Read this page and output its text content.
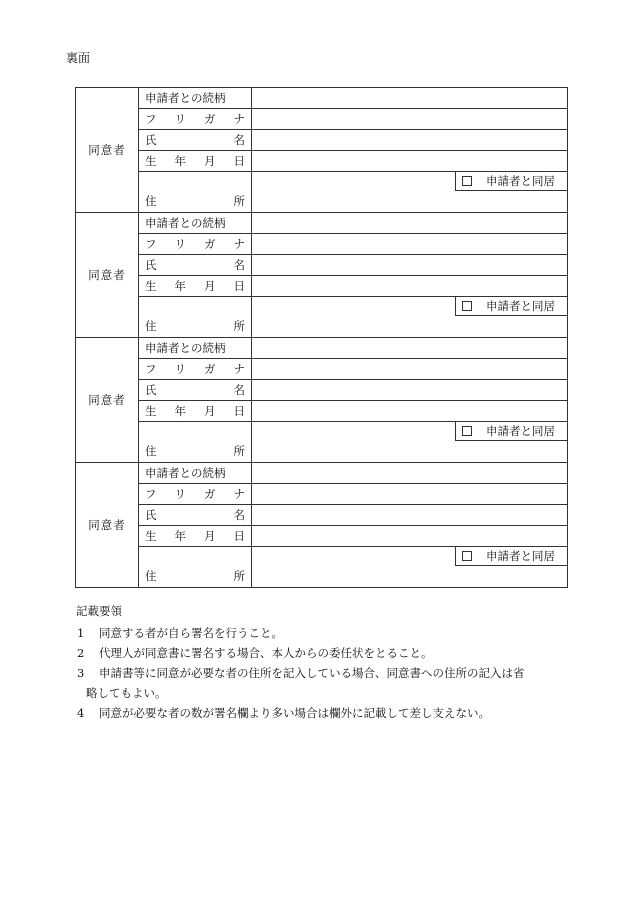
裏面
同意者	申請者との続柄	

	フ リ ガ ナ	

	氏 名	

	生 年 月 日	

	住 所	申請者と同居

同意者	申請者との続柄	

	フ リ ガ ナ	

	氏 名	

	生 年 月 日	

	住 所	申請者と同居

同意者	申請者との続柄	

	フ リ ガ ナ	

	氏 名	

	生 年 月 日	

	住 所	申請者と同居

同意者	申請者との続柄	

	フ リ ガ ナ	

	氏 名	

	生 年 月 日	

	住 所	申請者と同居
記載要領
1	同意する者が自ら署名を行うこと。
2	代理人が同意書に署名する場合、本人からの委任状をとること。
3	申請書等に同意が必要な者の住所を記入している場合、同意書への住所の記入は省
略してもよい。
4	同意が必要な者の数が署名欄より多い場合は欄外に記載して差し支えない。
